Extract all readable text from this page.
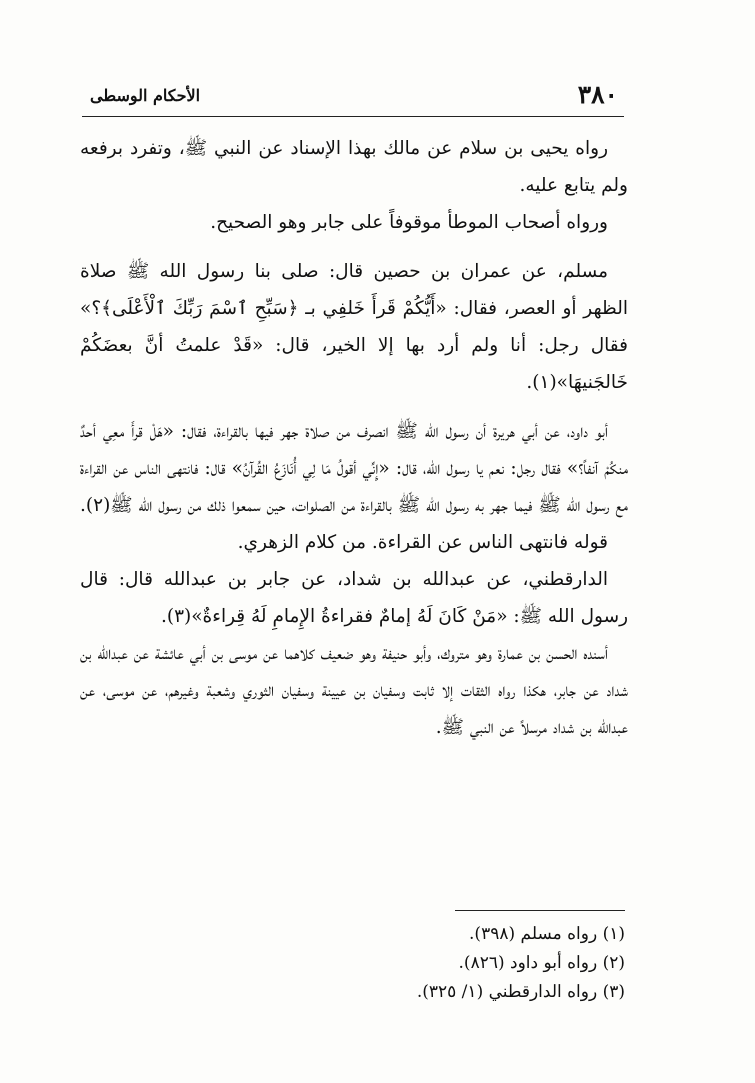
٣٨٠
الأحكام الوسطى

رواه يحيى بن سلام عن مالك بهذا الإسناد عن النبي ﷺ، وتفرد برفعه ولم يتابع عليه.

ورواه أصحاب الموطأ موقوفاً على جابر وهو الصحيح.

مسلم، عن عمران بن حصين قال: صلى بنا رسول الله ﷺ صلاة الظهر أو العصر، فقال: «أَيُّكُمْ قَرأَ خَلفِي بـ ﴿سَبِّحِ ٱسْمَ رَبِّكَ ٱلْأَعْلَى﴾؟» فقال رجل: أنا ولم أرد بها إلا الخير، قال: «قَدْ علمتُ أنَّ بعضَكُمْ خَالجَنيهَا»(١).

أبو داود، عن أبي هريرة أن رسول الله ﷺ انصرف من صلاة جهر فيها بالقراءة، فقال: «هَلْ قرأَ معِي أحدٌ منكُمْ آنفاً؟» فقال رجل: نعم يا رسول الله، قال: «إِنِّي أقولُ مَا لِي أُنَازَعُ القُرآنُ» قال: فانتهى الناس عن القراءة مع رسول الله ﷺ فيما جهر به رسول الله ﷺ بالقراءة من الصلوات، حين سمعوا ذلك من رسول الله ﷺ(٢).

قوله فانتهى الناس عن القراءة. من كلام الزهري.

الدارقطني، عن عبدالله بن شداد، عن جابر بن عبدالله قال: قال رسول الله ﷺ: «مَنْ كَانَ لَهُ إمامٌ فقراءةُ الإِمامِ لَهُ قِراءةٌ»(٣).

أسنده الحسن بن عمارة وهو متروك، وأبو حنيفة وهو ضعيف كلاهما عن موسى بن أبي عائشة عن عبدالله بن شداد عن جابر، هكذا رواه الثقات إلا ثابت وسفيان بن عيينة وسفيان الثوري وشعبة وغيرهم، عن موسى، عن عبدالله بن شداد مرسلاً عن النبي ﷺ.

(١) رواه مسلم (٣٩٨).
(٢) رواه أبو داود (٨٢٦).
(٣) رواه الدارقطني (١/ ٣٢٥).
